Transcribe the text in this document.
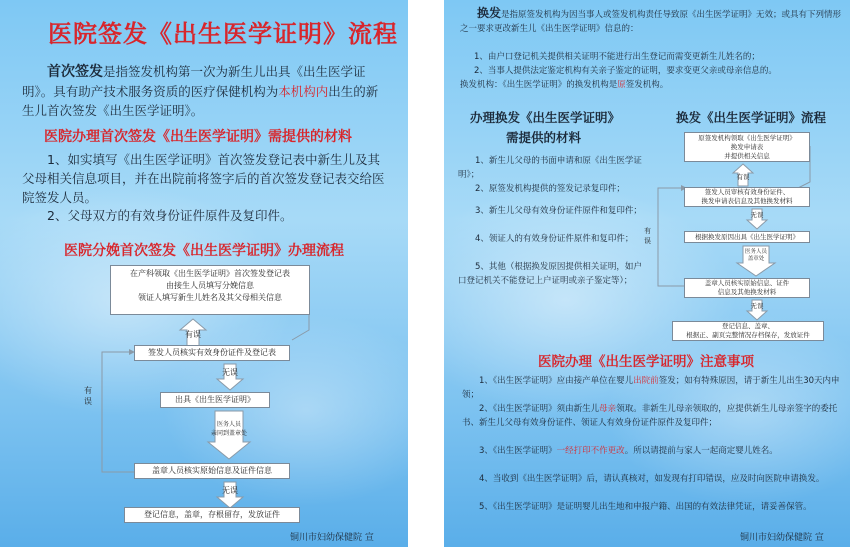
医院签发《出生医学证明》流程

首次签发是指签发机构第一次为新生儿出具《出生医学证明》。具有助产技术服务资质的医疗保健机构为本机构内出生的新生儿首次签发《出生医学证明》。

医院办理首次签发《出生医学证明》需提供的材料

1、如实填写《出生医学证明》首次签发登记表中新生儿及其父母相关信息项目，并在出院前将签字后的首次签发登记表交给医院签发人员。

2、父母双方的有效身份证件原件及复印件。

医院分娩首次签发《出生医学证明》办理流程
在产科领取《出生医学证明》首次签发登记表
由接生人员填写分娩信息
领证人填写新生儿姓名及其父母相关信息
有误
签发人员核实有效身份证件及登记表
无误
出具《出生医学证明》
医务人员
亲同到盖章处
盖章人员核实原始信息及证件信息
无误
登记信息，盖章，存根留存，发放证件
有误
铜川市妇幼保健院 宣

换发是指原签发机构为因当事人或签发机构责任导致原《出生医学证明》无效；或具有下列情形之一要求更改新生儿《出生医学证明》信息的：

1、由户口登记机关提供相关证明不能进行出生登记而需变更新生儿姓名的；

2、当事人提供法定鉴定机构有关亲子鉴定的证明，要求变更父亲或母亲信息的。

换发机构：《出生医学证明》的换发机构是原签发机构。

办理换发《出生医学证明》
需提供的材料

1、新生儿父母的书面申请和原《出生医学证明》；

2、原签发机构提供的签发记录复印件；

3、新生儿父母有效身份证件原件和复印件；

4、领证人的有效身份证件原件和复印件；

5、其他（根据换发原因提供相关证明，如户口登记机关不能登记上户证明或亲子鉴定等）；

换发《出生医学证明》流程
原签发机构领取《出生医学证明》
换发申请表
并提供相关信息
有误
签发人员审核有效身份证件、
换发申请表信息及其他换发材料
无误
根据换发原因出具《出生医学证明》
医务人员
盖章处
盖章人员核实原始信息、证件
信息及其他换发材料
无误
登记信息、盖章、
根据正、副页完整情况存档保存，发放证件
有误
医院办理《出生医学证明》注意事项

1、《出生医学证明》应由接产单位在婴儿出院前签发；如有特殊原因，请于新生儿出生30天内申领；

2、《出生医学证明》须由新生儿母亲领取。非新生儿母亲领取的，应提供新生儿母亲签字的委托书、新生儿父母有效身份证件、领证人有效身份证件原件及复印件；

3、《出生医学证明》一经打印不作更改。所以请提前与家人一起商定婴儿姓名。

4、当收到《出生医学证明》后，请认真核对，如发现有打印错误，应及时向医院申请换发。

5、《出生医学证明》是证明婴儿出生地和申报户籍、出国的有效法律凭证，请妥善保管。

铜川市妇幼保健院 宣
